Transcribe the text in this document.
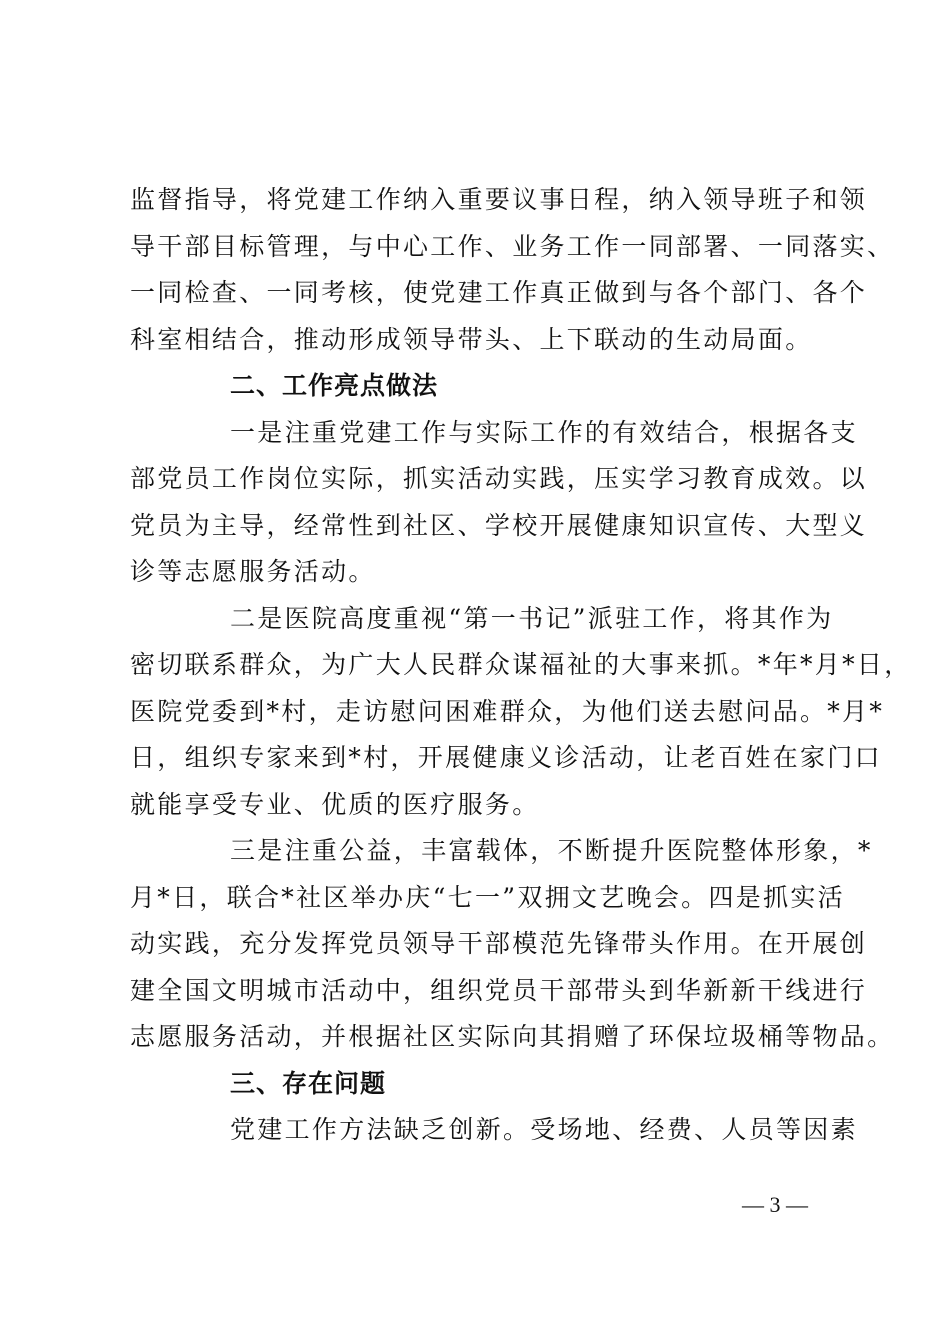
监督指导，将党建工作纳入重要议事日程，纳入领导班子和领
导干部目标管理，与中心工作、业务工作一同部署、一同落实、
一同检查、一同考核，使党建工作真正做到与各个部门、各个
科室相结合，推动形成领导带头、上下联动的生动局面。
二、工作亮点做法
一是注重党建工作与实际工作的有效结合，根据各支
部党员工作岗位实际，抓实活动实践，压实学习教育成效。以
党员为主导，经常性到社区、学校开展健康知识宣传、大型义
诊等志愿服务活动。
二是医院高度重视“第一书记”派驻工作，将其作为
密切联系群众，为广大人民群众谋福祉的大事来抓。*年*月*日，
医院党委到*村，走访慰问困难群众，为他们送去慰问品。*月*
日，组织专家来到*村，开展健康义诊活动，让老百姓在家门口
就能享受专业、优质的医疗服务。
三是注重公益，丰富载体，不断提升医院整体形象，*
月*日，联合*社区举办庆“七一”双拥文艺晚会。四是抓实活
动实践，充分发挥党员领导干部模范先锋带头作用。在开展创
建全国文明城市活动中，组织党员干部带头到华新新干线进行
志愿服务活动，并根据社区实际向其捐赠了环保垃圾桶等物品。
三、存在问题
党建工作方法缺乏创新。受场地、经费、人员等因素
— 3 —
